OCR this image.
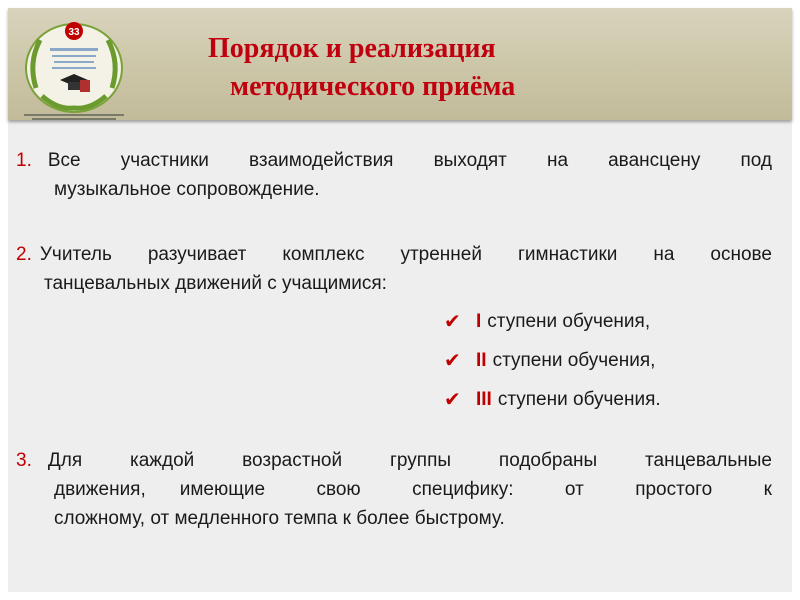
33
Порядок и реализация
методического приёма
1. Все участники взаимодействия выходят на авансцену под
музыкальное сопровождение.
2. Учитель разучивает комплекс утренней гимнастики на основе
танцевальных движений с учащимися:
✔ I ступени обучения,
✔ II ступени обучения,
✔ III ступени обучения.
3. Для каждой возрастной группы подобраны танцевальные
движения, имеющие свою специфику: от простого к
сложному, от медленного темпа к более быстрому.
